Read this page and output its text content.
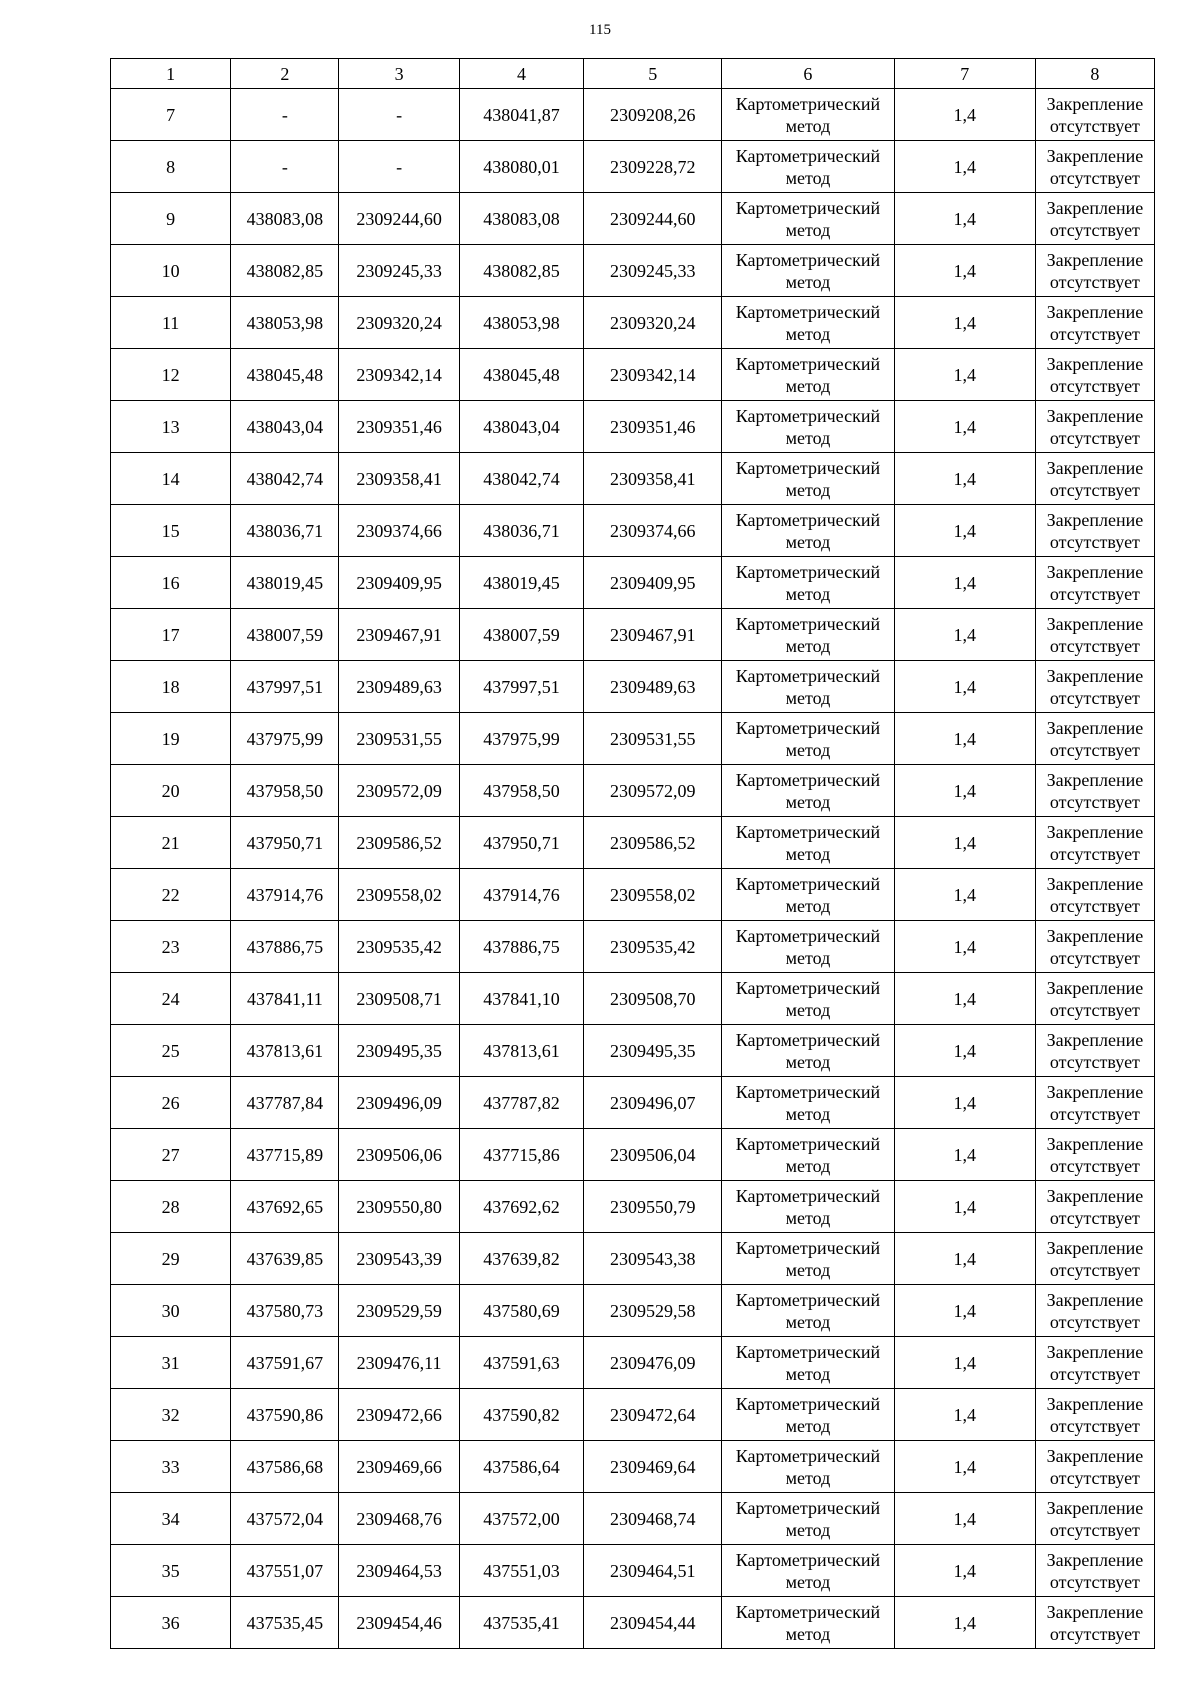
115
1	2	3	4	5	6	7	8
7	-	-	438041,87	2309208,26	Картометрический метод	1,4	Закрепление отсутствует
8	-	-	438080,01	2309228,72	Картометрический метод	1,4	Закрепление отсутствует
9	438083,08	2309244,60	438083,08	2309244,60	Картометрический метод	1,4	Закрепление отсутствует
10	438082,85	2309245,33	438082,85	2309245,33	Картометрический метод	1,4	Закрепление отсутствует
11	438053,98	2309320,24	438053,98	2309320,24	Картометрический метод	1,4	Закрепление отсутствует
12	438045,48	2309342,14	438045,48	2309342,14	Картометрический метод	1,4	Закрепление отсутствует
13	438043,04	2309351,46	438043,04	2309351,46	Картометрический метод	1,4	Закрепление отсутствует
14	438042,74	2309358,41	438042,74	2309358,41	Картометрический метод	1,4	Закрепление отсутствует
15	438036,71	2309374,66	438036,71	2309374,66	Картометрический метод	1,4	Закрепление отсутствует
16	438019,45	2309409,95	438019,45	2309409,95	Картометрический метод	1,4	Закрепление отсутствует
17	438007,59	2309467,91	438007,59	2309467,91	Картометрический метод	1,4	Закрепление отсутствует
18	437997,51	2309489,63	437997,51	2309489,63	Картометрический метод	1,4	Закрепление отсутствует
19	437975,99	2309531,55	437975,99	2309531,55	Картометрический метод	1,4	Закрепление отсутствует
20	437958,50	2309572,09	437958,50	2309572,09	Картометрический метод	1,4	Закрепление отсутствует
21	437950,71	2309586,52	437950,71	2309586,52	Картометрический метод	1,4	Закрепление отсутствует
22	437914,76	2309558,02	437914,76	2309558,02	Картометрический метод	1,4	Закрепление отсутствует
23	437886,75	2309535,42	437886,75	2309535,42	Картометрический метод	1,4	Закрепление отсутствует
24	437841,11	2309508,71	437841,10	2309508,70	Картометрический метод	1,4	Закрепление отсутствует
25	437813,61	2309495,35	437813,61	2309495,35	Картометрический метод	1,4	Закрепление отсутствует
26	437787,84	2309496,09	437787,82	2309496,07	Картометрический метод	1,4	Закрепление отсутствует
27	437715,89	2309506,06	437715,86	2309506,04	Картометрический метод	1,4	Закрепление отсутствует
28	437692,65	2309550,80	437692,62	2309550,79	Картометрический метод	1,4	Закрепление отсутствует
29	437639,85	2309543,39	437639,82	2309543,38	Картометрический метод	1,4	Закрепление отсутствует
30	437580,73	2309529,59	437580,69	2309529,58	Картометрический метод	1,4	Закрепление отсутствует
31	437591,67	2309476,11	437591,63	2309476,09	Картометрический метод	1,4	Закрепление отсутствует
32	437590,86	2309472,66	437590,82	2309472,64	Картометрический метод	1,4	Закрепление отсутствует
33	437586,68	2309469,66	437586,64	2309469,64	Картометрический метод	1,4	Закрепление отсутствует
34	437572,04	2309468,76	437572,00	2309468,74	Картометрический метод	1,4	Закрепление отсутствует
35	437551,07	2309464,53	437551,03	2309464,51	Картометрический метод	1,4	Закрепление отсутствует
36	437535,45	2309454,46	437535,41	2309454,44	Картометрический метод	1,4	Закрепление отсутствует
